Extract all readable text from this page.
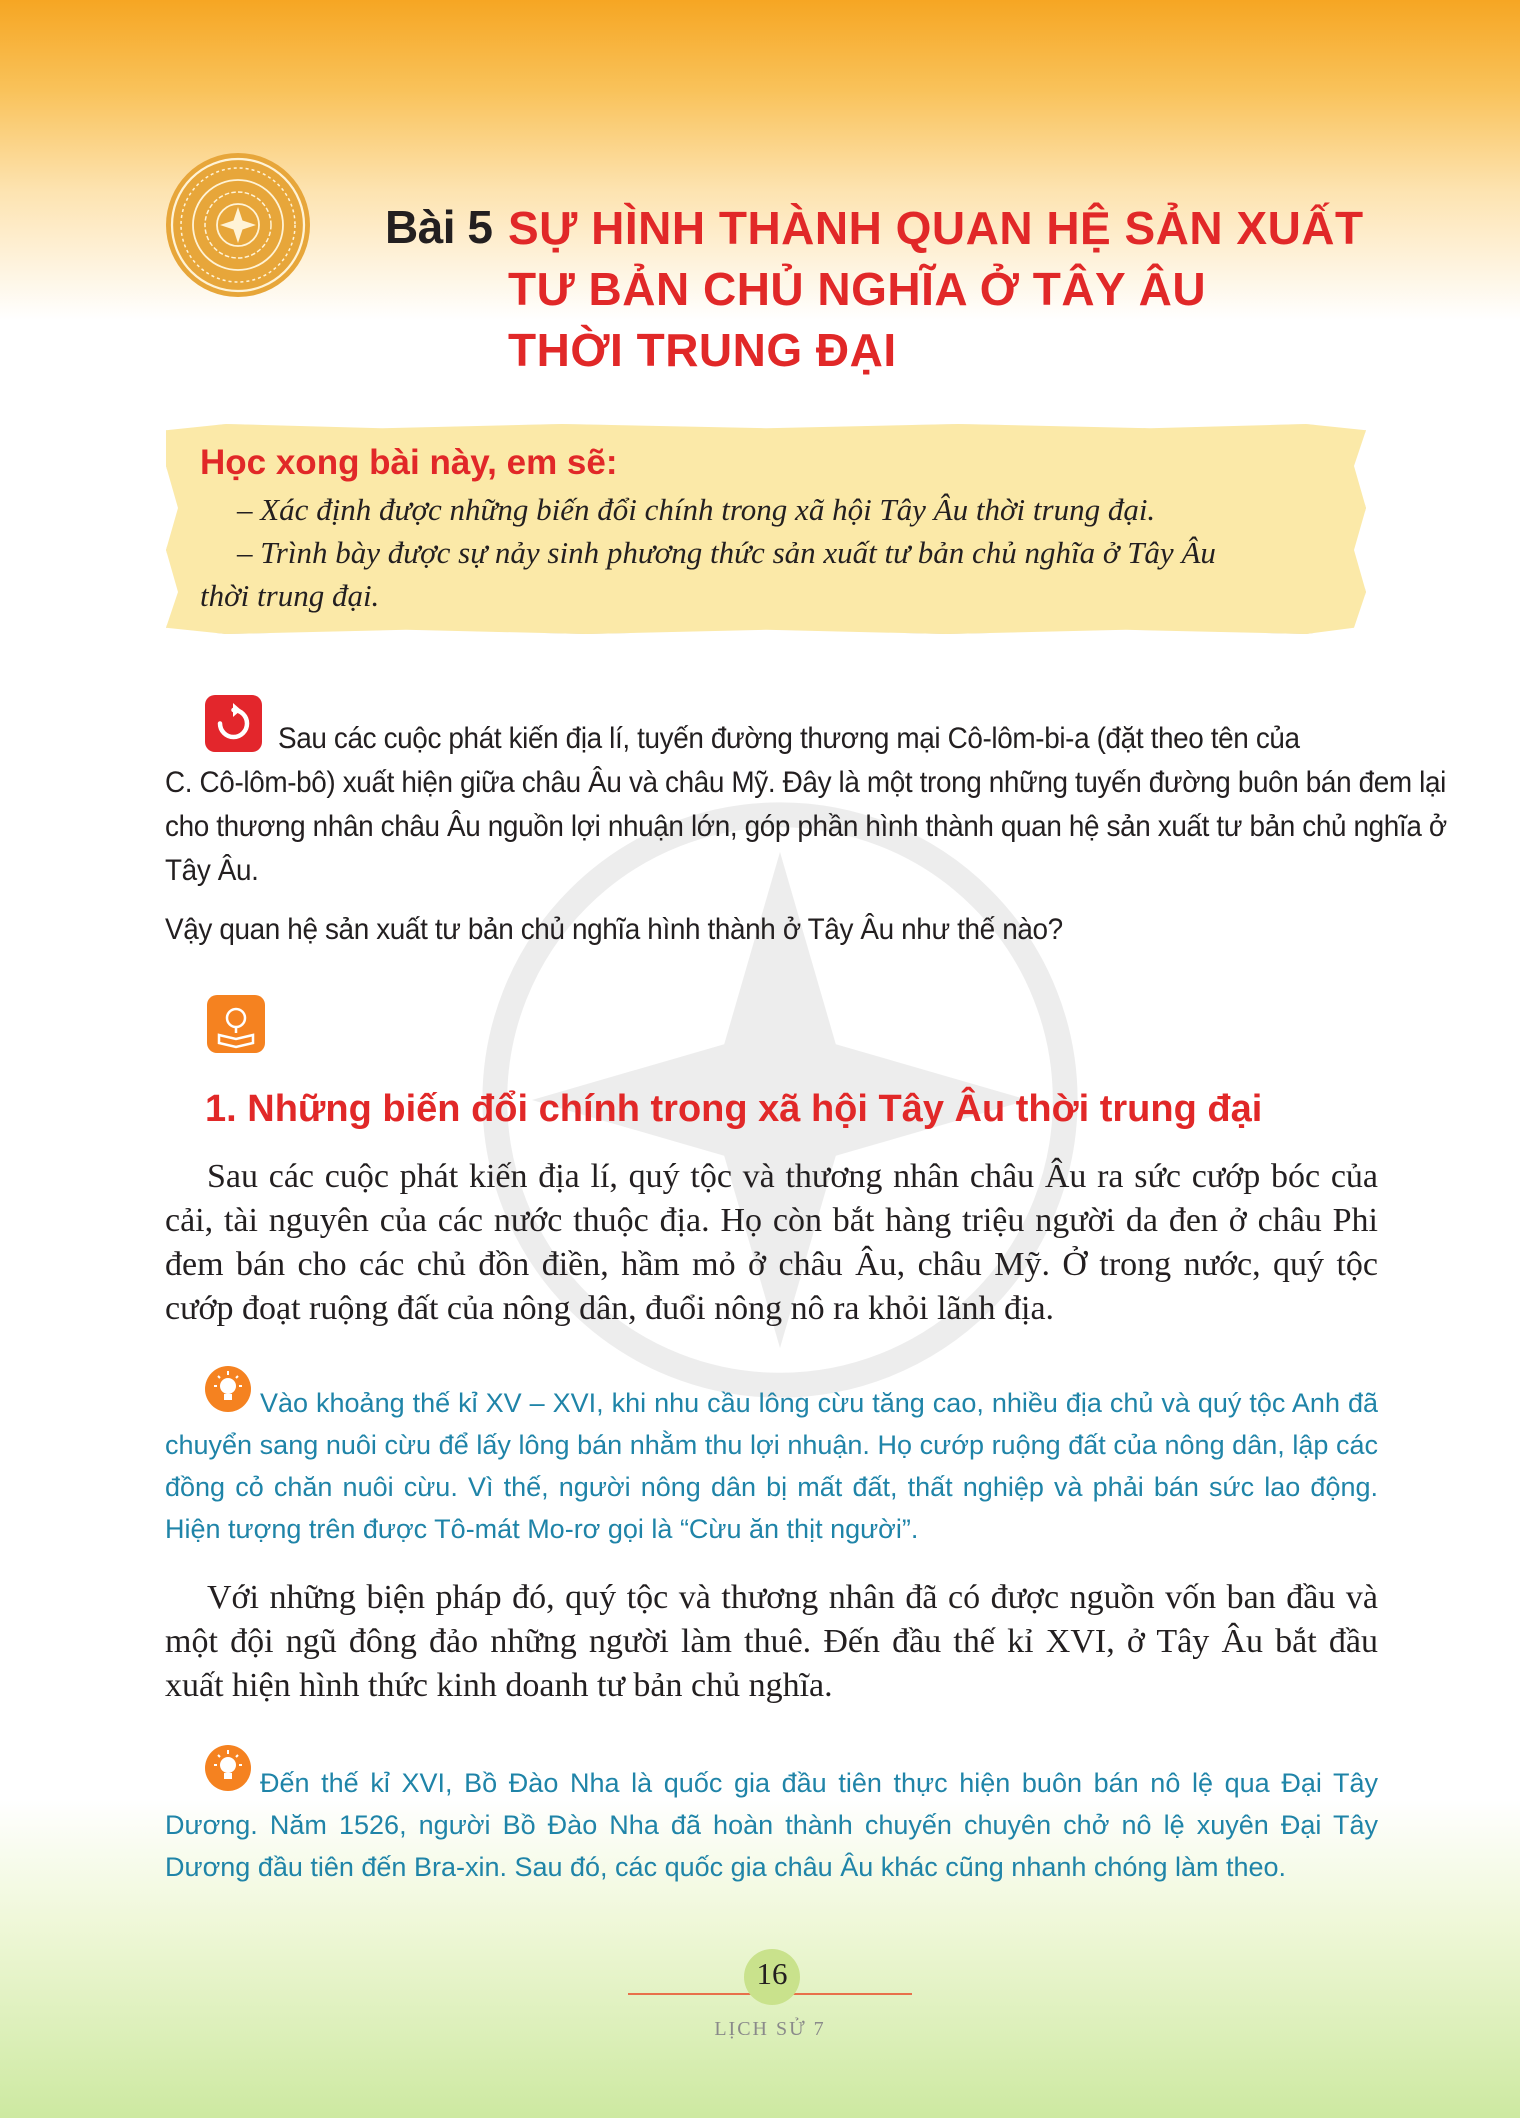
Bài 5 SỰ HÌNH THÀNH QUAN HỆ SẢN XUẤT
TƯ BẢN CHỦ NGHĨA Ở TÂY ÂU
THỜI TRUNG ĐẠI
Học xong bài này, em sẽ:
– Xác định được những biến đổi chính trong xã hội Tây Âu thời trung đại.
– Trình bày được sự nảy sinh phương thức sản xuất tư bản chủ nghĩa ở Tây Âu
thời trung đại.
Sau các cuộc phát kiến địa lí, tuyến đường thương mại Cô-lôm-bi-a (đặt theo tên của
C. Cô-lôm-bô) xuất hiện giữa châu Âu và châu Mỹ. Đây là một trong những tuyến đường buôn bán đem lại cho thương nhân châu Âu nguồn lợi nhuận lớn, góp phần hình thành quan hệ sản xuất tư bản chủ nghĩa ở Tây Âu.
Vậy quan hệ sản xuất tư bản chủ nghĩa hình thành ở Tây Âu như thế nào?
1. Những biến đổi chính trong xã hội Tây Âu thời trung đại
Sau các cuộc phát kiến địa lí, quý tộc và thương nhân châu Âu ra sức cướp bóc của cải, tài nguyên của các nước thuộc địa. Họ còn bắt hàng triệu người da đen ở châu Phi đem bán cho các chủ đồn điền, hầm mỏ ở châu Âu, châu Mỹ. Ở trong nước, quý tộc cướp đoạt ruộng đất của nông dân, đuổi nông nô ra khỏi lãnh địa.
Vào khoảng thế kỉ XV – XVI, khi nhu cầu lông cừu tăng cao, nhiều địa chủ và quý tộc Anh đã chuyển sang nuôi cừu để lấy lông bán nhằm thu lợi nhuận. Họ cướp ruộng đất của nông dân, lập các đồng cỏ chăn nuôi cừu. Vì thế, người nông dân bị mất đất, thất nghiệp và phải bán sức lao động. Hiện tượng trên được Tô-mát Mo-rơ gọi là “Cừu ăn thịt người”.
Với những biện pháp đó, quý tộc và thương nhân đã có được nguồn vốn ban đầu và một đội ngũ đông đảo những người làm thuê. Đến đầu thế kỉ XVI, ở Tây Âu bắt đầu xuất hiện hình thức kinh doanh tư bản chủ nghĩa.
Đến thế kỉ XVI, Bồ Đào Nha là quốc gia đầu tiên thực hiện buôn bán nô lệ qua Đại Tây Dương. Năm 1526, người Bồ Đào Nha đã hoàn thành chuyến chuyên chở nô lệ xuyên Đại Tây Dương đầu tiên đến Bra-xin. Sau đó, các quốc gia châu Âu khác cũng nhanh chóng làm theo.
16
LỊCH SỬ 7
